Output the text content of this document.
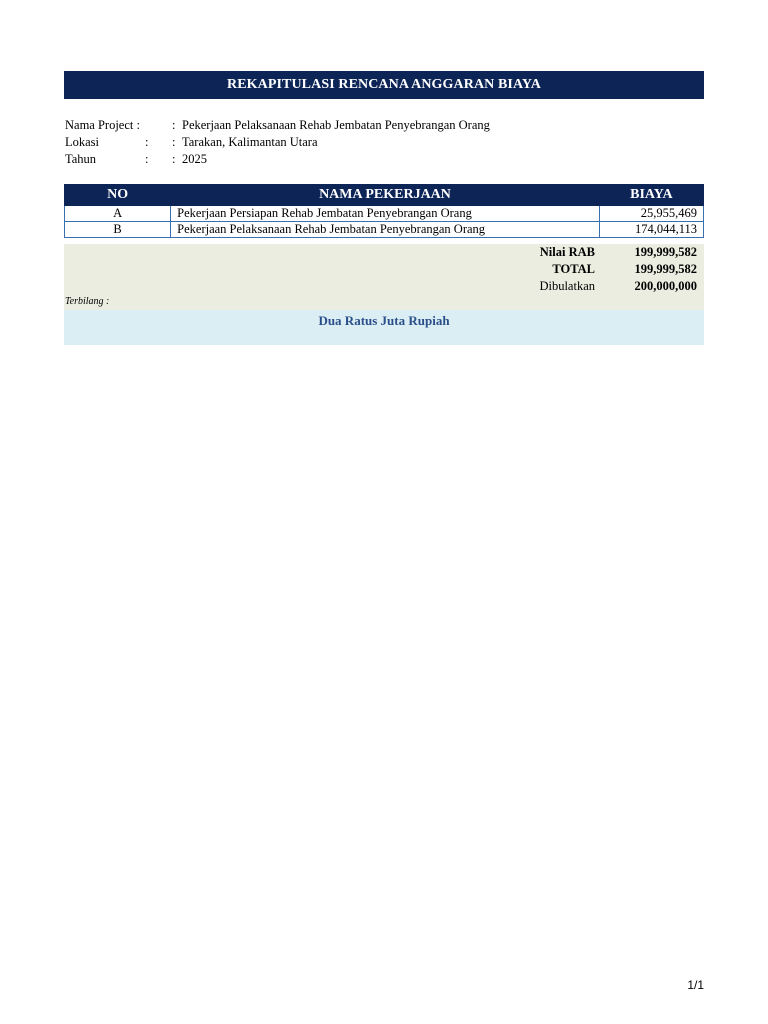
REKAPITULASI RENCANA ANGGARAN BIAYA
Nama Project :	: Pekerjaan Pelaksanaan Rehab Jembatan Penyebrangan Orang
Lokasi	:	: Tarakan, Kalimantan Utara
Tahun	:	: 2025
NO	NAMA PEKERJAAN	BIAYA
A	Pekerjaan Persiapan Rehab Jembatan Penyebrangan Orang	25,955,469
B	Pekerjaan Pelaksanaan Rehab Jembatan Penyebrangan Orang	174,044,113
Nilai RAB	199,999,582
TOTAL	199,999,582
Dibulatkan	200,000,000
Terbilang :
Dua Ratus Juta Rupiah
1/1
